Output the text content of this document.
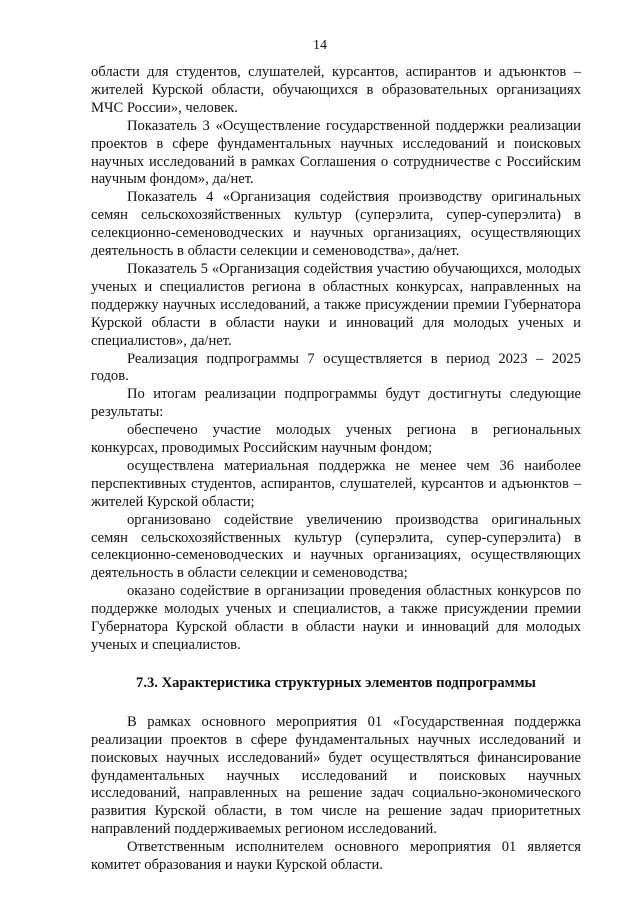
14

области для студентов, слушателей, курсантов, аспирантов и адъюнктов – жителей Курской области, обучающихся в образовательных организациях МЧС России», человек.

Показатель 3 «Осуществление государственной поддержки реализации проектов в сфере фундаментальных научных исследований и поисковых научных исследований в рамках Соглашения о сотрудничестве с Российским научным фондом», да/нет.

Показатель 4 «Организация содействия производству оригинальных семян сельскохозяйственных культур (суперэлита, супер-суперэлита) в селекционно-семеноводческих и научных организациях, осуществляющих деятельность в области селекции и семеноводства», да/нет.

Показатель 5 «Организация содействия участию обучающихся, молодых ученых и специалистов региона в областных конкурсах, направленных на поддержку научных исследований, а также присуждении премии Губернатора Курской области в области науки и инноваций для молодых ученых и специалистов», да/нет.

Реализация подпрограммы 7 осуществляется в период 2023 – 2025 годов.

По итогам реализации подпрограммы будут достигнуты следующие результаты:

обеспечено участие молодых ученых региона в региональных конкурсах, проводимых Российским научным фондом;

осуществлена материальная поддержка не менее чем 36 наиболее перспективных студентов, аспирантов, слушателей, курсантов и адъюнктов – жителей Курской области;

организовано содействие увеличению производства оригинальных семян сельскохозяйственных культур (суперэлита, супер-суперэлита) в селекционно-семеноводческих и научных организациях, осуществляющих деятельность в области селекции и семеноводства;

оказано содействие в организации проведения областных конкурсов по поддержке молодых ученых и специалистов, а также присуждении премии Губернатора Курской области в области науки и инноваций для молодых ученых и специалистов.

7.3. Характеристика структурных элементов подпрограммы

В рамках основного мероприятия 01 «Государственная поддержка реализации проектов в сфере фундаментальных научных исследований и поисковых научных исследований» будет осуществляться финансирование фундаментальных научных исследований и поисковых научных исследований, направленных на решение задач социально-экономического развития Курской области, в том числе на решение задач приоритетных направлений поддерживаемых регионом исследований.

Ответственным исполнителем основного мероприятия 01 является комитет образования и науки Курской области.
